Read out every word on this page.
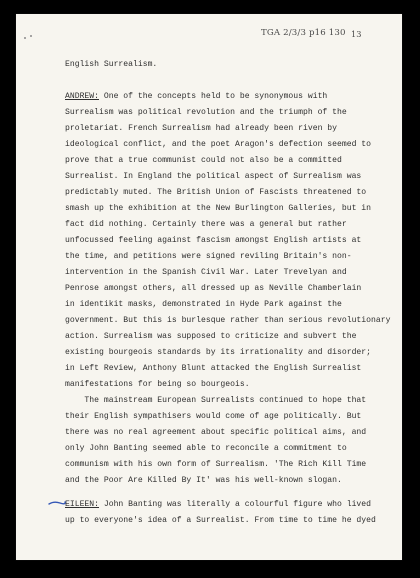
TGA 2/3/3 p16 130 13
English Surrealism.
ANDREW: One of the concepts held to be synonymous with
Surrealism was political revolution and the triumph of the
proletariat. French Surrealism had already been riven by
ideological conflict, and the poet Aragon's defection seemed to
prove that a true communist could not also be a committed
Surrealist. In England the political aspect of Surrealism was
predictably muted. The British Union of Fascists threatened to
smash up the exhibition at the New Burlington Galleries, but in
fact did nothing. Certainly there was a general but rather
unfocussed feeling against fascism amongst English artists at
the time, and petitions were signed reviling Britain's non-
intervention in the Spanish Civil War. Later Trevelyan and
Penrose amongst others, all dressed up as Neville Chamberlain
in identikit masks, demonstrated in Hyde Park against the
government. But this is burlesque rather than serious revolutionary
action. Surrealism was supposed to criticize and subvert the
existing bourgeois standards by its irrationality and disorder;
in Left Review, Anthony Blunt attacked the English Surrealist
manifestations for being so bourgeois.
The mainstream European Surrealists continued to hope that
their English sympathisers would come of age politically. But
there was no real agreement about specific political aims, and
only John Banting seemed able to reconcile a commitment to
communism with his own form of Surrealism. 'The Rich Kill Time
and the Poor Are Killed By It' was his well-known slogan.
EILEEN: John Banting was literally a colourful figure who lived
up to everyone's idea of a Surrealist. From time to time he dyed
